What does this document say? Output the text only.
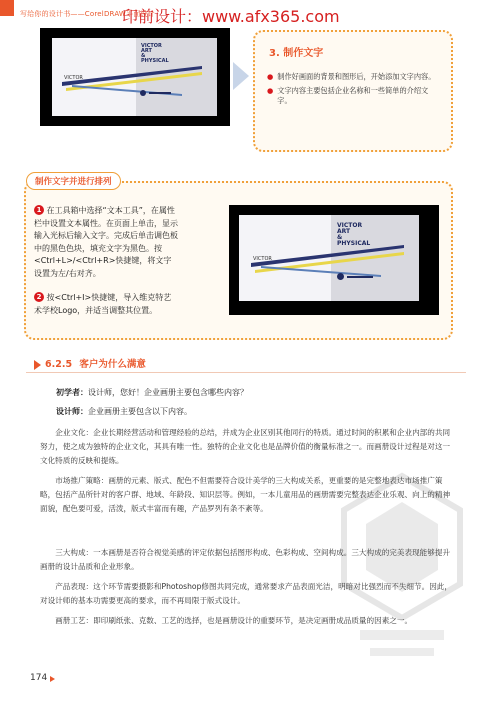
写给你的设计书——CorelDRAW平面设计
印前设计：www.afx365.com
VICTOR
ART
&
PHYSICAL
VICTOR
3. 制作文字
● 制作好画面的背景和图形后，开始添加文字内容。
● 文字内容主要包括企业名称和一些简单的介绍文字。
制作文字并进行排列
1 在工具箱中选择“文本工具”，在属性栏中设置文本属性。在页面上单击，显示输入光标后输入文字。完成后单击调色板中的黑色色块，填充文字为黑色。按<Ctrl+L>/<Ctrl+R>快捷键，将文字设置为左/右对齐。
2 按<Ctrl+I>快捷键，导入维克特艺术学校Logo，并适当调整其位置。
VICTOR
ART
&
PHYSICAL
VICTOR
6.2.5 客户为什么满意
初学者：设计师，您好！企业画册主要包含哪些内容？
设计师：企业画册主要包含以下内容。
企业文化：企业长期经营活动和管理经验的总结，并成为企业区别其他同行的特质。通过时间的积累和企业内部的共同努力，使之成为独特的企业文化，其具有唯一性。独特的企业文化也是品牌价值的衡量标准之一。而画册设计过程是对这一文化特质的反映和提炼。
市场推广策略：画册的元素、版式、配色不但需要符合设计美学的三大构成关系，更重要的是完整地表达市场推广策略，包括产品所针对的客户群、地域、年龄段、知识层等。例如，一本儿童用品的画册需要完整表达企业乐观、向上的精神面貌，配色要可爱，活泼，版式丰富而有趣，产品罗列有条不紊等。
三大构成：一本画册是否符合视觉美感的评定依据包括图形构成、色彩构成、空间构成。三大构成的完美表现能够提升画册的设计品质和企业形象。
产品表现：这个环节需要摄影和Photoshop修图共同完成，通常要求产品表面光洁，明暗对比强烈而不失细节。因此，对设计师的基本功需要更高的要求，而不再局限于版式设计。
画册工艺：即印刷纸张、克数、工艺的选择，也是画册设计的重要环节，是决定画册成品质量的因素之一。
174
